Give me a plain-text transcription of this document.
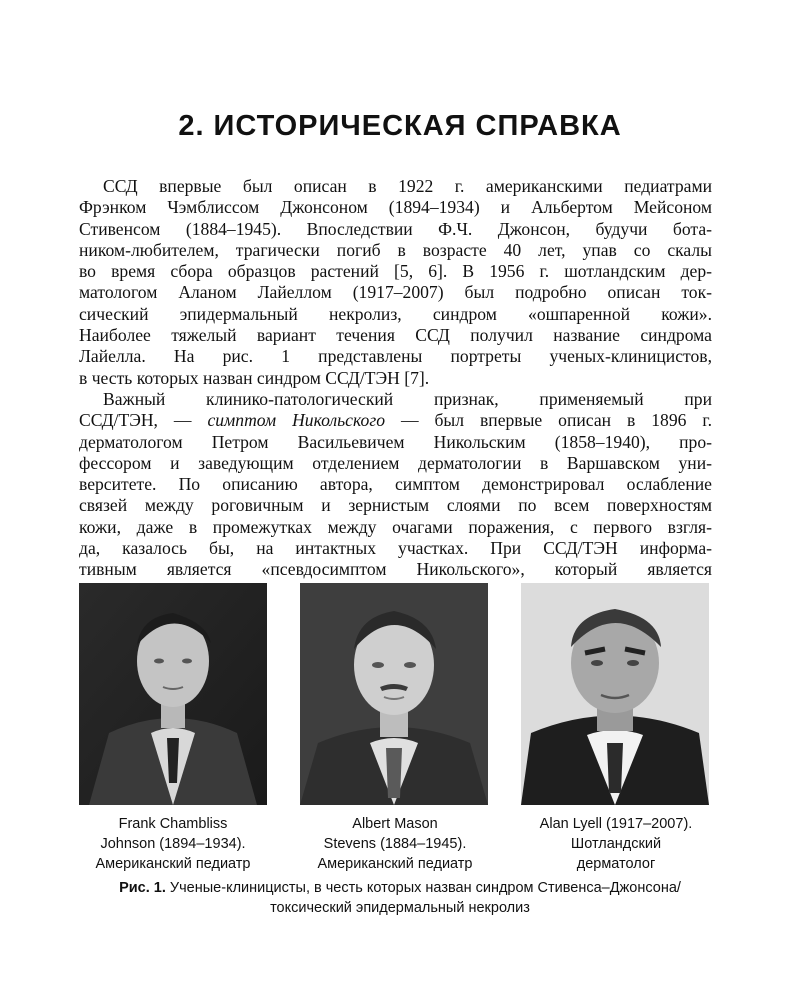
2. ИСТОРИЧЕСКАЯ СПРАВКА
ССД впервые был описан в 1922 г. американскими педиатрами
Фрэнком Чэмблиссом Джонсоном (1894–1934) и Альбертом Мейсоном
Стивенсом (1884–1945). Впоследствии Ф.Ч. Джонсон, будучи бота-
ником-любителем, трагически погиб в возрасте 40 лет, упав со скалы
во время сбора образцов растений [5, 6]. В 1956 г. шотландским дер-
матологом Аланом Лайеллом (1917–2007) был подробно описан ток-
сический эпидермальный некролиз, синдром «ошпаренной кожи».
Наиболее тяжелый вариант течения ССД получил название синдрома
Лайелла. На рис. 1 представлены портреты ученых-клиницистов,
в честь которых назван синдром ССД/ТЭН [7].
Важный клинико-патологический признак, применяемый при
ССД/ТЭН, — симптом Никольского — был впервые описан в 1896 г.
дерматологом Петром Васильевичем Никольским (1858–1940), про-
фессором и заведующим отделением дерматологии в Варшавском уни-
верситете. По описанию автора, симптом демонстрировал ослабление
связей между роговичным и зернистым слоями по всем поверхностям
кожи, даже в промежутках между очагами поражения, с первого взгля-
да, казалось бы, на интактных участках. При ССД/ТЭН информа-
тивным является «псевдосимптом Никольского», который является
Frank Chambliss
Johnson (1894–1934).
Американский педиатр
Albert Mason
Stevens (1884–1945).
Американский педиатр
Alan Lyell (1917–2007).
Шотландский
дерматолог
Рис. 1. Ученые-клиницисты, в честь которых назван синдром Стивенса–Джонсона/
токсический эпидермальный некролиз
